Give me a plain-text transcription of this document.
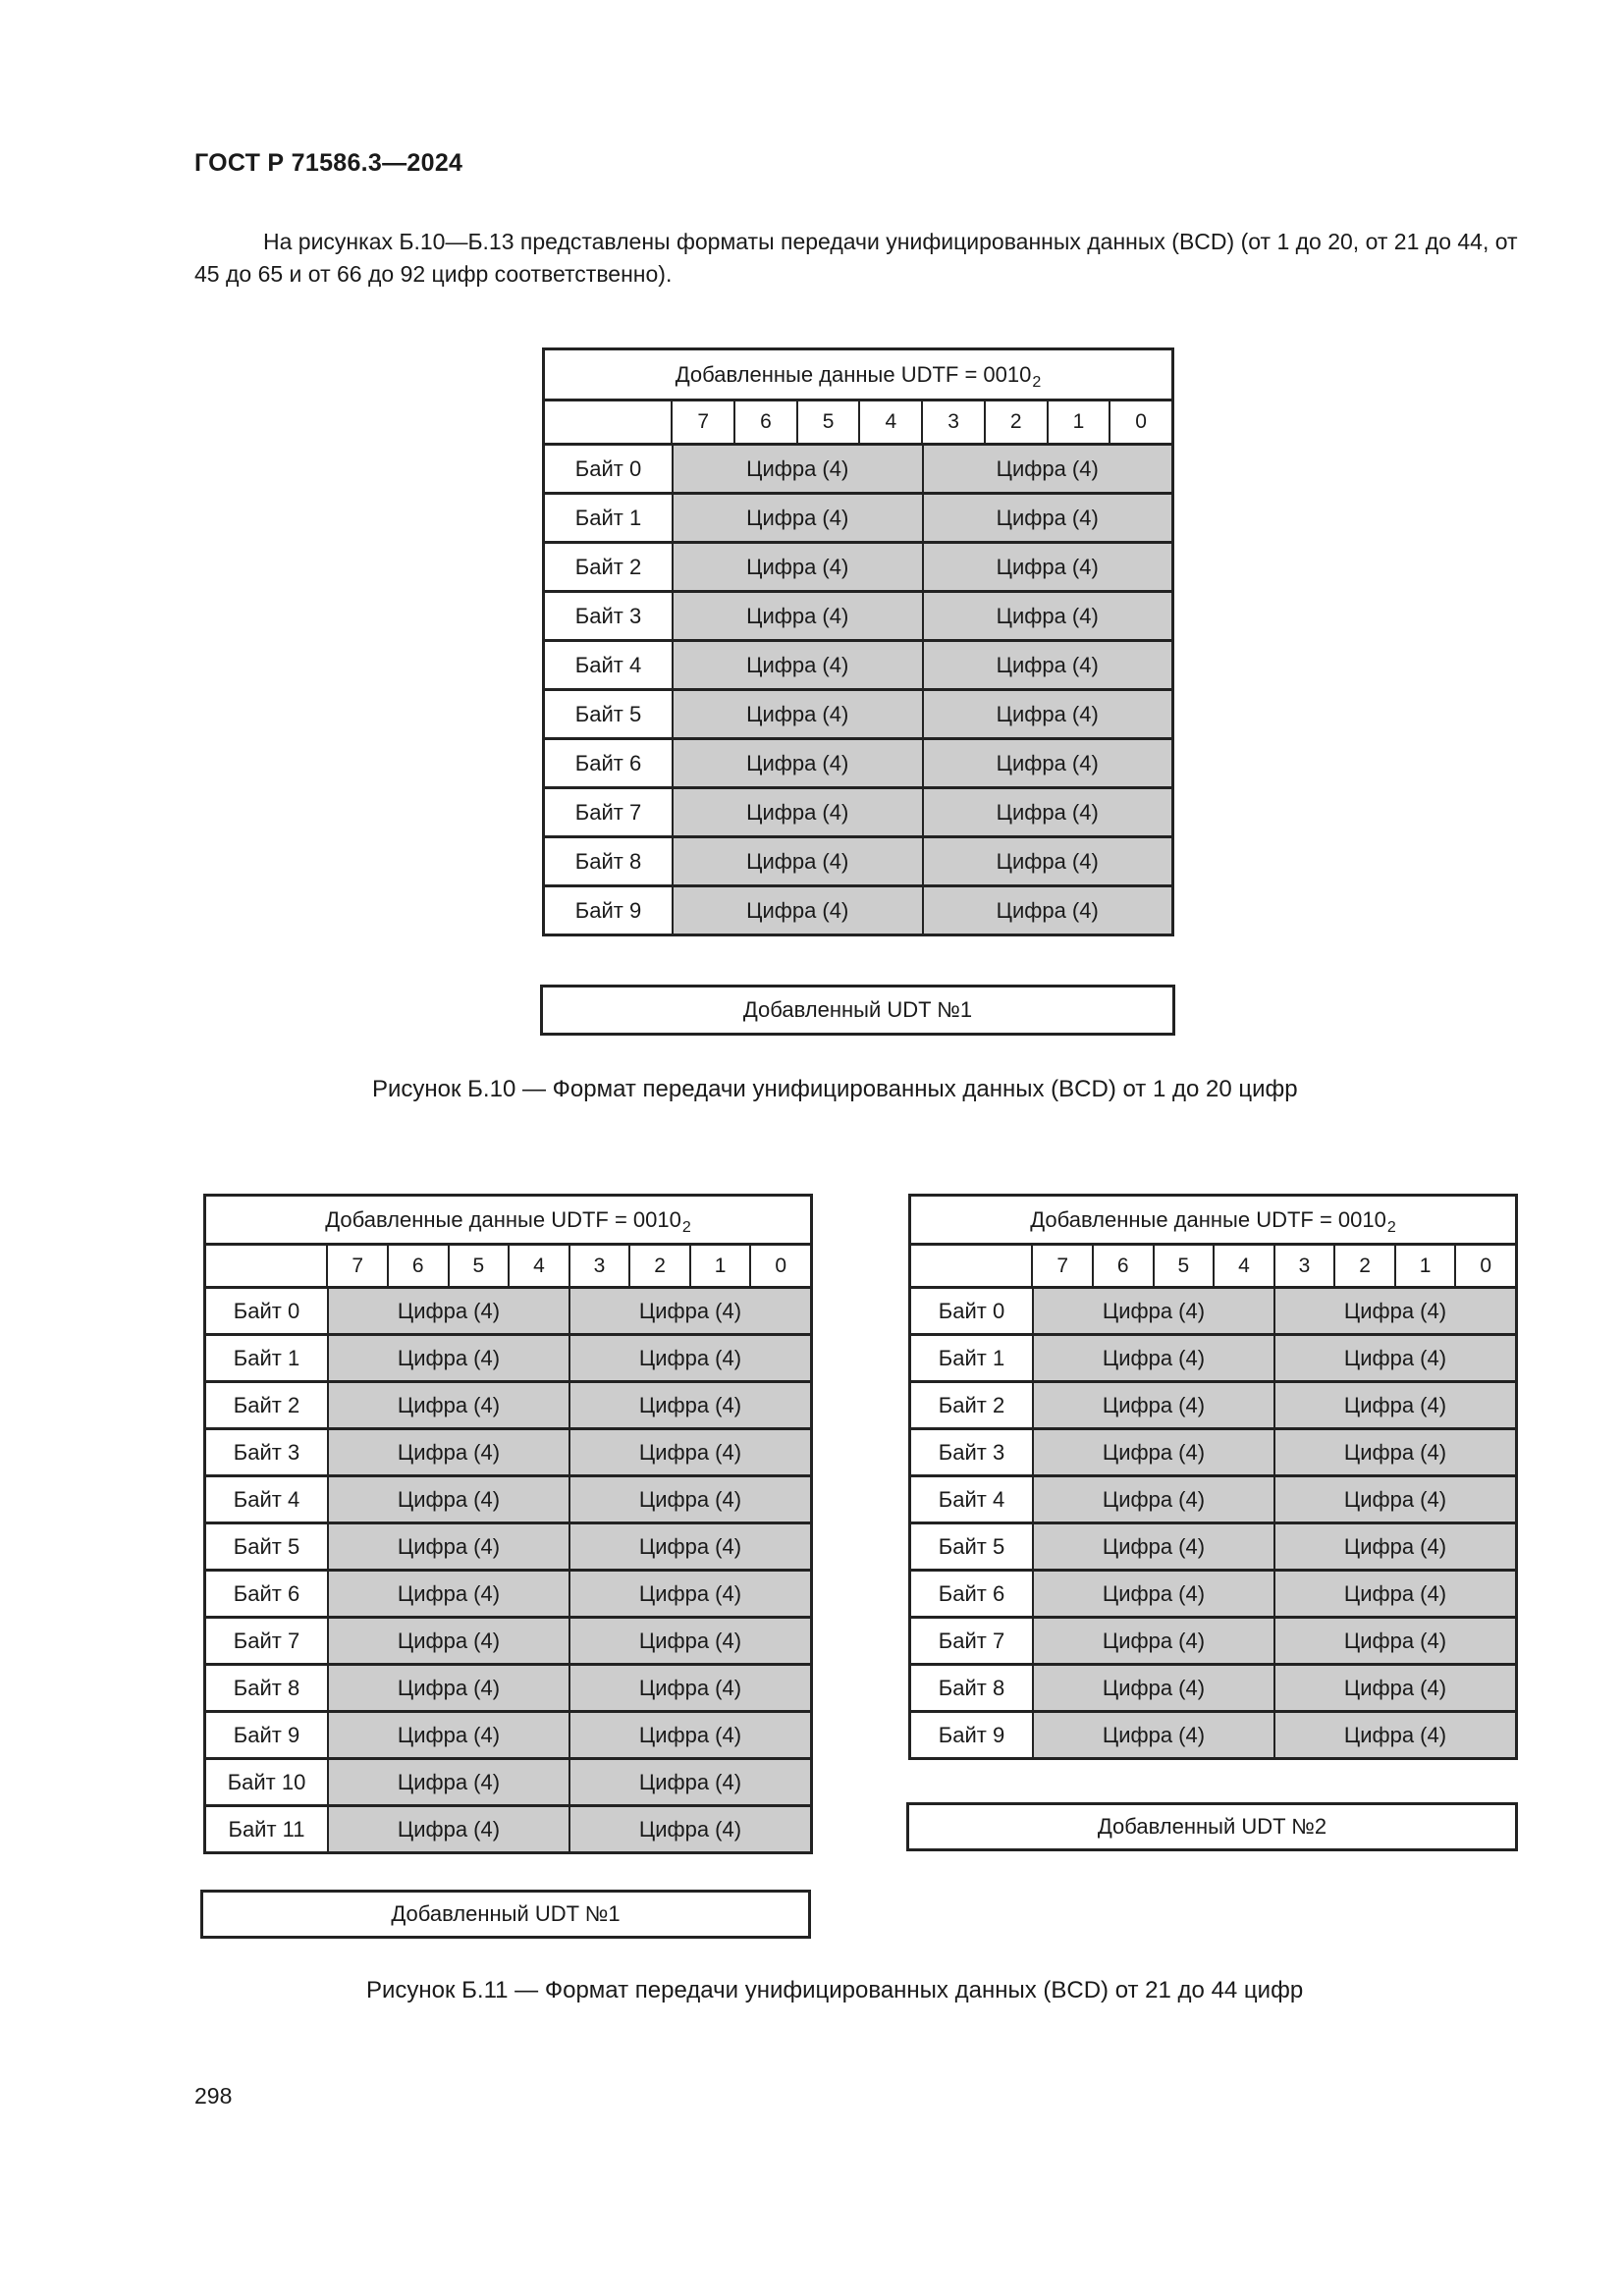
ГОСТ Р 71586.3—2024
На рисунках Б.10—Б.13 представлены форматы передачи унифицированных данных (BCD) (от 1 до 20, от 21 до 44, от 45 до 65 и от 66 до 92 цифр соответственно).
Добавленные данные UDTF = 0010 2
7	6	5	4	3	2	1	0
Байт 0	Цифра (4)	Цифра (4)
Байт 1	Цифра (4)	Цифра (4)
Байт 2	Цифра (4)	Цифра (4)
Байт 3	Цифра (4)	Цифра (4)
Байт 4	Цифра (4)	Цифра (4)
Байт 5	Цифра (4)	Цифра (4)
Байт 6	Цифра (4)	Цифра (4)
Байт 7	Цифра (4)	Цифра (4)
Байт 8	Цифра (4)	Цифра (4)
Байт 9	Цифра (4)	Цифра (4)
Добавленный UDT №1
Рисунок Б.10 — Формат передачи унифицированных данных (BCD) от 1 до 20 цифр
Добавленные данные UDTF = 0010 2
7	6	5	4	3	2	1	0
Байт 0	Цифра (4)	Цифра (4)
Байт 1	Цифра (4)	Цифра (4)
Байт 2	Цифра (4)	Цифра (4)
Байт 3	Цифра (4)	Цифра (4)
Байт 4	Цифра (4)	Цифра (4)
Байт 5	Цифра (4)	Цифра (4)
Байт 6	Цифра (4)	Цифра (4)
Байт 7	Цифра (4)	Цифра (4)
Байт 8	Цифра (4)	Цифра (4)
Байт 9	Цифра (4)	Цифра (4)
Байт 10	Цифра (4)	Цифра (4)
Байт 11	Цифра (4)	Цифра (4)
Добавленный UDT №1
Добавленные данные UDTF = 0010 2
7	6	5	4	3	2	1	0
Байт 0	Цифра (4)	Цифра (4)
Байт 1	Цифра (4)	Цифра (4)
Байт 2	Цифра (4)	Цифра (4)
Байт 3	Цифра (4)	Цифра (4)
Байт 4	Цифра (4)	Цифра (4)
Байт 5	Цифра (4)	Цифра (4)
Байт 6	Цифра (4)	Цифра (4)
Байт 7	Цифра (4)	Цифра (4)
Байт 8	Цифра (4)	Цифра (4)
Байт 9	Цифра (4)	Цифра (4)
Добавленный UDT №2
Рисунок Б.11 — Формат передачи унифицированных данных (BCD) от 21 до 44 цифр
298
